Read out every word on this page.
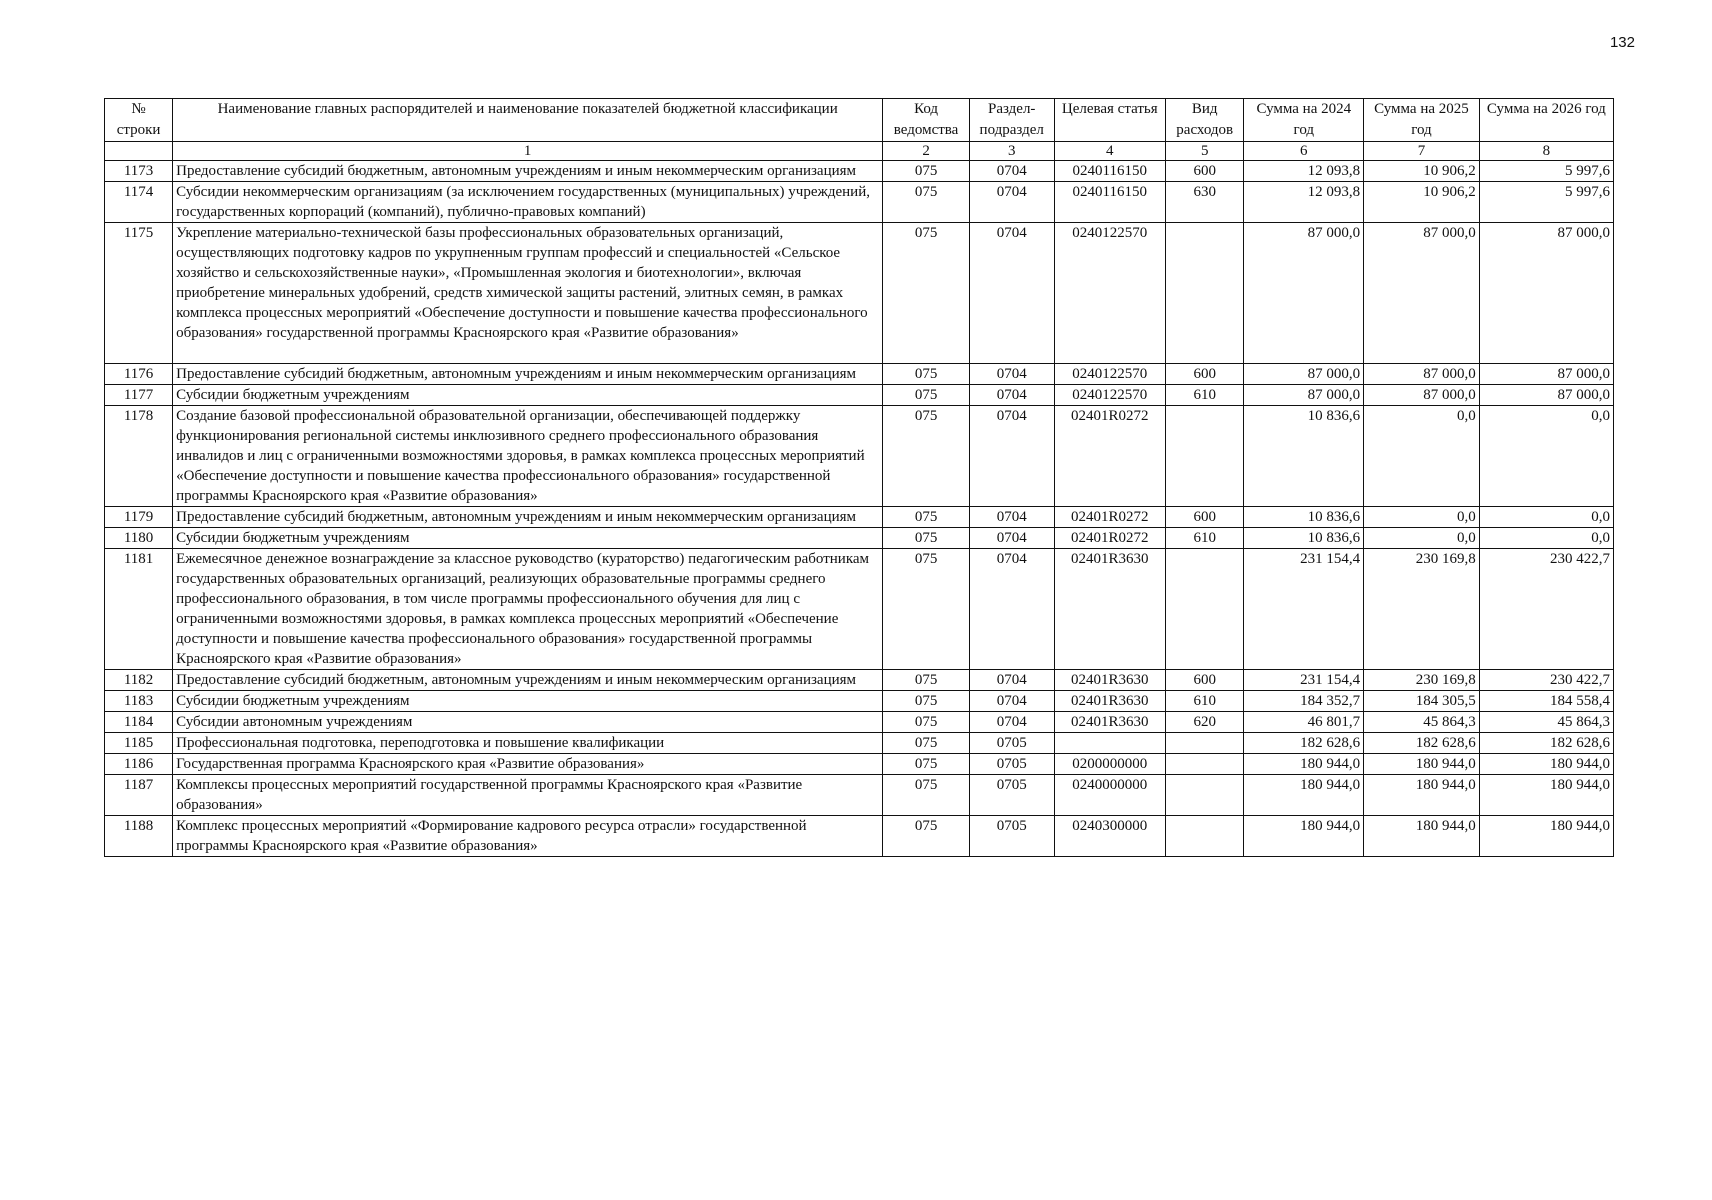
132
№ строки	Наименование главных распорядителей и наименование показателей бюджетной классификации	Код ведомства	Раздел-подраздел	Целевая статья	Вид расходов	Сумма на 2024 год	Сумма на 2025 год	Сумма на 2026 год
	1	2	3	4	5	6	7	8
1173	Предоставление субсидий бюджетным, автономным учреждениям и иным некоммерческим организациям	075	0704	0240116150	600	12 093,8	10 906,2	5 997,6
1174	Субсидии некоммерческим организациям (за исключением государственных (муниципальных) учреждений, государственных корпораций (компаний), публично-правовых компаний)	075	0704	0240116150	630	12 093,8	10 906,2	5 997,6
1175	Укрепление материально-технической базы профессиональных образовательных организаций, осуществляющих подготовку кадров по укрупненным группам профессий и специальностей «Сельское хозяйство и сельскохозяйственные науки», «Промышленная экология и биотехнологии», включая приобретение минеральных удобрений, средств химической защиты растений, элитных семян, в рамках комплекса процессных мероприятий «Обеспечение доступности и повышение качества профессионального образования» государственной программы Красноярского края «Развитие образования»	075	0704	0240122570		87 000,0	87 000,0	87 000,0
1176	Предоставление субсидий бюджетным, автономным учреждениям и иным некоммерческим организациям	075	0704	0240122570	600	87 000,0	87 000,0	87 000,0
1177	Субсидии бюджетным учреждениям	075	0704	0240122570	610	87 000,0	87 000,0	87 000,0
1178	Создание базовой профессиональной образовательной организации, обеспечивающей поддержку функционирования региональной системы инклюзивного среднего профессионального образования инвалидов и лиц с ограниченными возможностями здоровья, в рамках комплекса процессных мероприятий «Обеспечение доступности и повышение качества профессионального образования» государственной программы Красноярского края «Развитие образования»	075	0704	02401R0272		10 836,6	0,0	0,0
1179	Предоставление субсидий бюджетным, автономным учреждениям и иным некоммерческим организациям	075	0704	02401R0272	600	10 836,6	0,0	0,0
1180	Субсидии бюджетным учреждениям	075	0704	02401R0272	610	10 836,6	0,0	0,0
1181	Ежемесячное денежное вознаграждение за классное руководство (кураторство) педагогическим работникам государственных образовательных организаций, реализующих образовательные программы среднего профессионального образования, в том числе программы профессионального обучения для лиц с ограниченными возможностями здоровья, в рамках комплекса процессных мероприятий «Обеспечение доступности и повышение качества профессионального образования» государственной программы Красноярского края «Развитие образования»	075	0704	02401R3630		231 154,4	230 169,8	230 422,7
1182	Предоставление субсидий бюджетным, автономным учреждениям и иным некоммерческим организациям	075	0704	02401R3630	600	231 154,4	230 169,8	230 422,7
1183	Субсидии бюджетным учреждениям	075	0704	02401R3630	610	184 352,7	184 305,5	184 558,4
1184	Субсидии автономным учреждениям	075	0704	02401R3630	620	46 801,7	45 864,3	45 864,3
1185	Профессиональная подготовка, переподготовка и повышение квалификации	075	0705			182 628,6	182 628,6	182 628,6
1186	Государственная программа Красноярского края «Развитие образования»	075	0705	0200000000		180 944,0	180 944,0	180 944,0
1187	Комплексы процессных мероприятий государственной программы Красноярского края «Развитие образования»	075	0705	0240000000		180 944,0	180 944,0	180 944,0
1188	Комплекс процессных мероприятий «Формирование кадрового ресурса отрасли» государственной программы Красноярского края «Развитие образования»	075	0705	0240300000		180 944,0	180 944,0	180 944,0
